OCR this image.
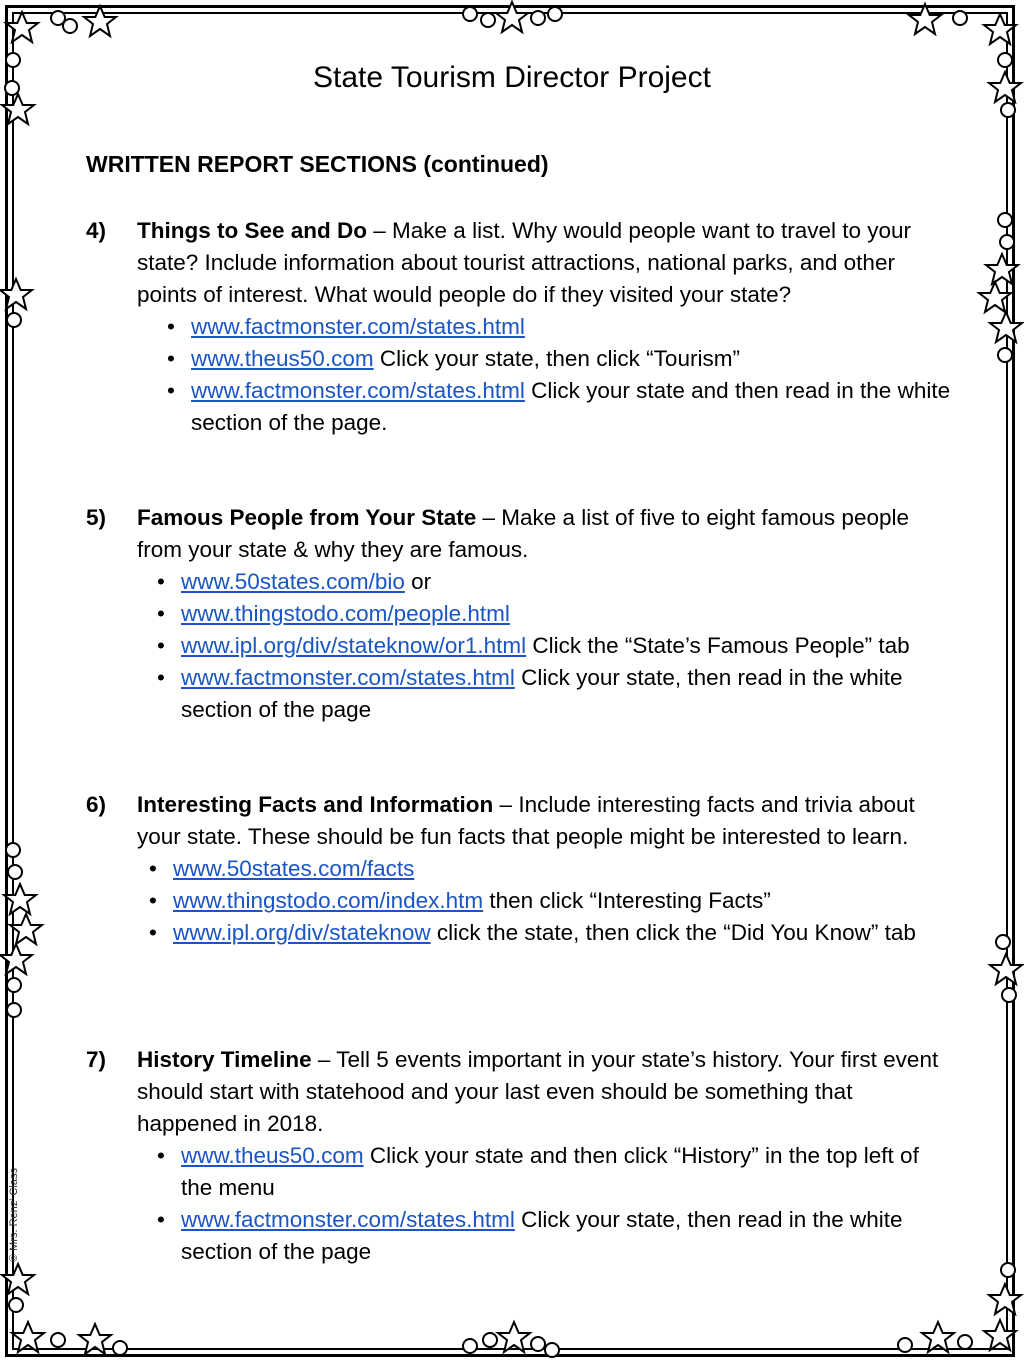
© Mrs. Renz' Class
State Tourism Director Project
WRITTEN REPORT SECTIONS (continued)
4) Things to See and Do – Make a list. Why would people want to travel to your state? Include information about tourist attractions, national parks, and other points of interest. What would people do if they visited your state?
• www.factmonster.com/states.html
• www.theus50.com Click your state, then click “Tourism”
• www.factmonster.com/states.html Click your state and then read in the white section of the page.
5) Famous People from Your State – Make a list of five to eight famous people from your state & why they are famous.
• www.50states.com/bio or
• www.thingstodo.com/people.html
• www.ipl.org/div/stateknow/or1.html Click the “State’s Famous People” tab
• www.factmonster.com/states.html Click your state, then read in the white section of the page
6) Interesting Facts and Information – Include interesting facts and trivia about your state. These should be fun facts that people might be interested to learn.
• www.50states.com/facts
• www.thingstodo.com/index.htm then click “Interesting Facts”
• www.ipl.org/div/stateknow click the state, then click the “Did You Know” tab
7) History Timeline – Tell 5 events important in your state’s history. Your first event should start with statehood and your last even should be something that happened in 2018.
• www.theus50.com Click your state and then click “History” in the top left of the menu
• www.factmonster.com/states.html Click your state, then read in the white section of the page
